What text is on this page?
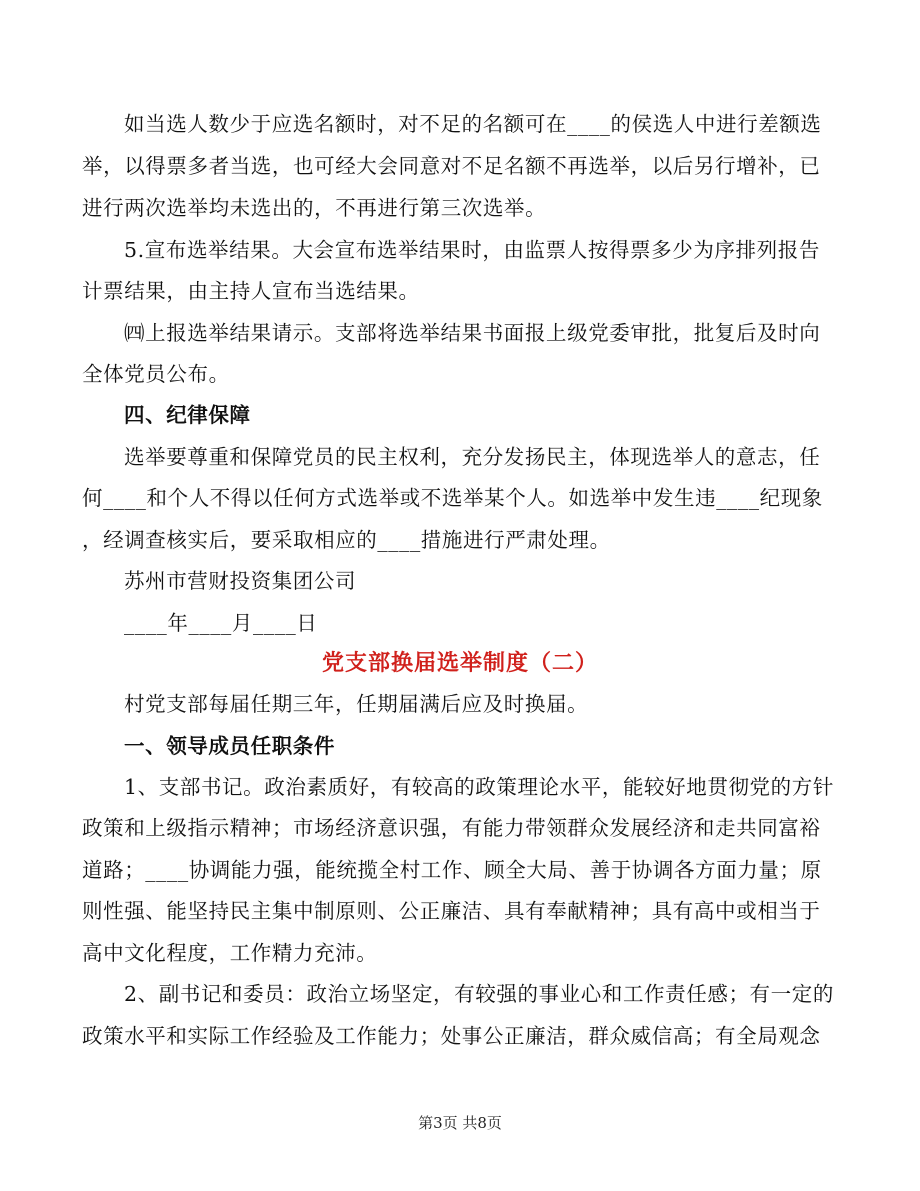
如当选人数少于应选名额时，对不足的名额可在____的侯选人中进行差额选
举，以得票多者当选，也可经大会同意对不足名额不再选举，以后另行增补，已
进行两次选举均未选出的，不再进行第三次选举。
5.宣布选举结果。大会宣布选举结果时，由监票人按得票多少为序排列报告
计票结果，由主持人宣布当选结果。
㈣上报选举结果请示。支部将选举结果书面报上级党委审批，批复后及时向
全体党员公布。
四、纪律保障
选举要尊重和保障党员的民主权利，充分发扬民主，体现选举人的意志，任
何____和个人不得以任何方式选举或不选举某个人。如选举中发生违____纪现象
，经调查核实后，要采取相应的____措施进行严肃处理。
苏州市营财投资集团公司
____年____月____日
党支部换届选举制度（二）
村党支部每届任期三年，任期届满后应及时换届。
一、领导成员任职条件
1、支部书记。政治素质好，有较高的政策理论水平，能较好地贯彻党的方针
政策和上级指示精神；市场经济意识强，有能力带领群众发展经济和走共同富裕
道路；____协调能力强，能统揽全村工作、顾全大局、善于协调各方面力量；原
则性强、能坚持民主集中制原则、公正廉洁、具有奉献精神；具有高中或相当于
高中文化程度，工作精力充沛。
2、副书记和委员：政治立场坚定，有较强的事业心和工作责任感；有一定的
政策水平和实际工作经验及工作能力；处事公正廉洁，群众威信高；有全局观念
第3页 共8页
